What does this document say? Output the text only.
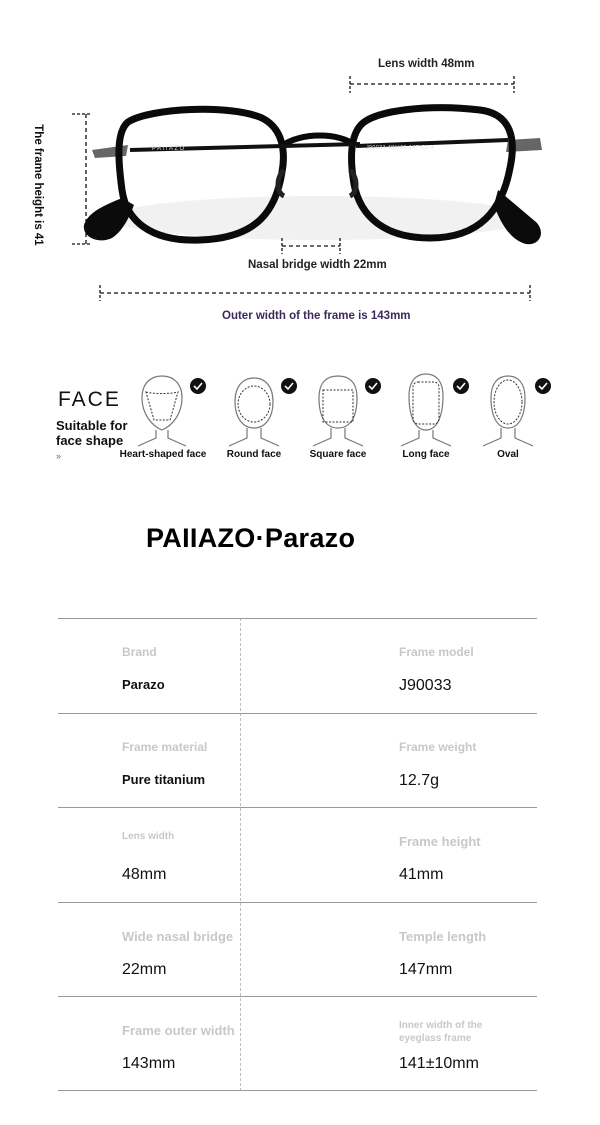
PAIIAZO	J90033 48口22-147 C2-4
Lens width 48mm
Nasal bridge width 22mm
Outer width of the frame is 143mm
The frame height is 41
FACE
Suitable for
face shape
»	Heart-shaped face	Round face	Square face	Long face	Oval
PAIIAZO·Parazo
Brand
Parazo
Frame model
J90033
Frame material
Pure titanium
Frame weight
12.7g
Lens width
48mm
Frame height
41mm
Wide nasal bridge
22mm
Temple length
147mm
Frame outer width
143mm
Inner width of the eyeglass frame
141±10mm
